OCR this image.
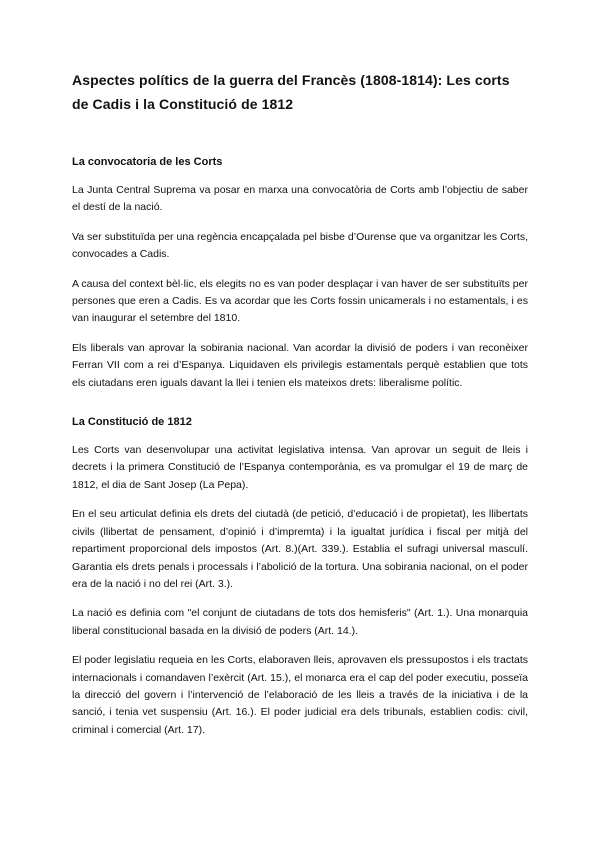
Aspectes polítics de la guerra del Francès (1808-1814): Les corts de Cadis i la Constitució de 1812
La convocatoria de les Corts

La Junta Central Suprema va posar en marxa una convocatòria de Corts amb l’objectiu de saber el destí de la nació.

Va ser substituïda per una regència encapçalada pel bisbe d’Ourense que va organitzar les Corts, convocades a Cadis.

A causa del context bèl·lic, els elegits no es van poder desplaçar i van haver de ser substituïts per persones que eren a Cadis. Es va acordar que les Corts fossin unicamerals i no estamentals, i es van inaugurar el setembre del 1810.

Els liberals van aprovar la sobirania nacional. Van acordar la divisió de poders i van reconèixer Ferran VII com a rei d’Espanya. Liquidaven els privilegis estamentals perquè establien que tots els ciutadans eren iguals davant la llei i tenien els mateixos drets: liberalisme polític.

La Constitució de 1812

Les Corts van desenvolupar una activitat legislativa intensa. Van aprovar un seguit de lleis i decrets i la primera Constitució de l’Espanya contemporània, es va promulgar el 19 de març de 1812, el dia de Sant Josep (La Pepa).

En el seu articulat definia els drets del ciutadà (de petició, d’educació i de propietat), les llibertats civils (llibertat de pensament, d’opinió i d’impremta) i la igualtat jurídica i fiscal per mitjà del repartiment proporcional dels impostos (Art. 8.)(Art. 339.). Establia el sufragi universal masculí. Garantia els drets penals i processals i l’abolició de la tortura. Una sobirania nacional, on el poder era de la nació i no del rei (Art. 3.).

La nació es definia com "el conjunt de ciutadans de tots dos hemisferis" (Art. 1.). Una monarquia liberal constitucional basada en la divisió de poders (Art. 14.).

El poder legislatiu requeia en les Corts, elaboraven lleis, aprovaven els pressupostos i els tractats internacionals i comandaven l’exèrcit (Art. 15.), el monarca era el cap del poder executiu, posseïa la direcció del govern i l’intervenció de l’elaboració de les lleis a través de la iniciativa i de la sanció, i tenia vet suspensiu (Art. 16.). El poder judicial era dels tribunals, establien codis: civil, criminal i comercial (Art. 17).
